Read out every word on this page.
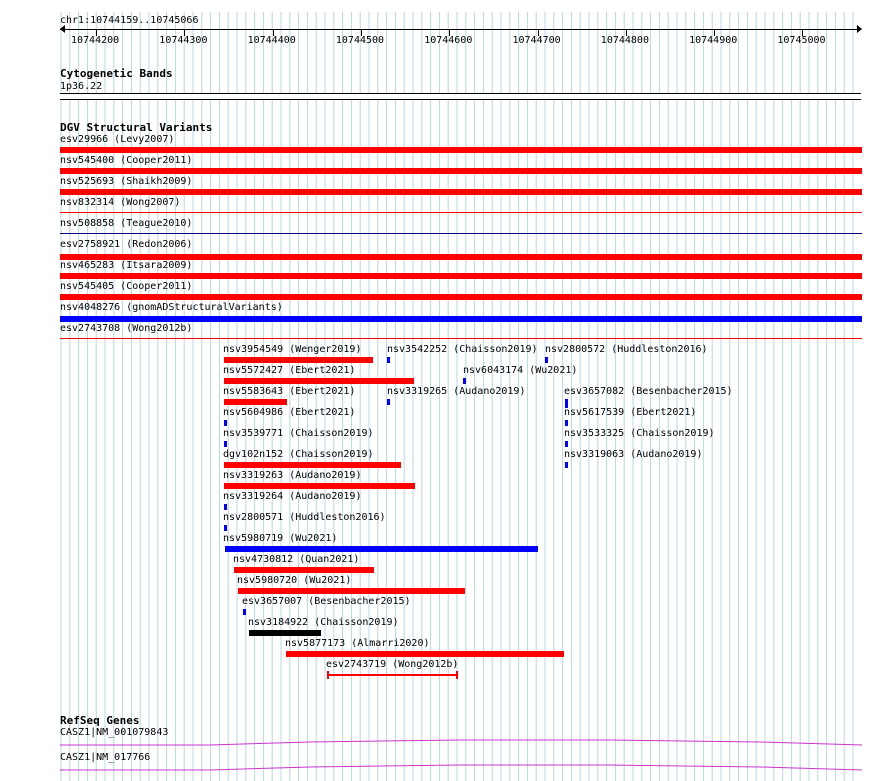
chr1:10744159..10745066
10744200	10744300	10744400	10744500	10744600	10744700	10744800	10744900	10745000
Cytogenetic Bands
1p36.22
DGV Structural Variants
esv29966 (Levy2007)
nsv545400 (Cooper2011)
nsv525693 (Shaikh2009)
nsv832314 (Wong2007)
nsv508858 (Teague2010)
esv2758921 (Redon2006)
nsv465283 (Itsara2009)
nsv545405 (Cooper2011)
nsv4048276 (gnomADStructuralVariants)
esv2743708 (Wong2012b)
nsv3954549 (Wenger2019)	nsv3542252 (Chaisson2019) nsv2800572 (Huddleston2016)
nsv5572427 (Ebert2021)	nsv6043174 (Wu2021)
nsv5583643 (Ebert2021)	nsv3319265 (Audano2019)	esv3657082 (Besenbacher2015)
nsv5604986 (Ebert2021)	nsv5617539 (Ebert2021)
nsv3539771 (Chaisson2019)	nsv3533325 (Chaisson2019)
dgv102n152 (Chaisson2019)	nsv3319063 (Audano2019)
nsv3319263 (Audano2019)
nsv3319264 (Audano2019)
nsv2800571 (Huddleston2016)
nsv5980719 (Wu2021)
nsv4730812 (Quan2021)
nsv5980720 (Wu2021)
esv3657007 (Besenbacher2015)
nsv3184922 (Chaisson2019)
nsv5877173 (Almarri2020)
esv2743719 (Wong2012b)
RefSeq Genes
CASZ1|NM_001079843
CASZ1|NM_017766
